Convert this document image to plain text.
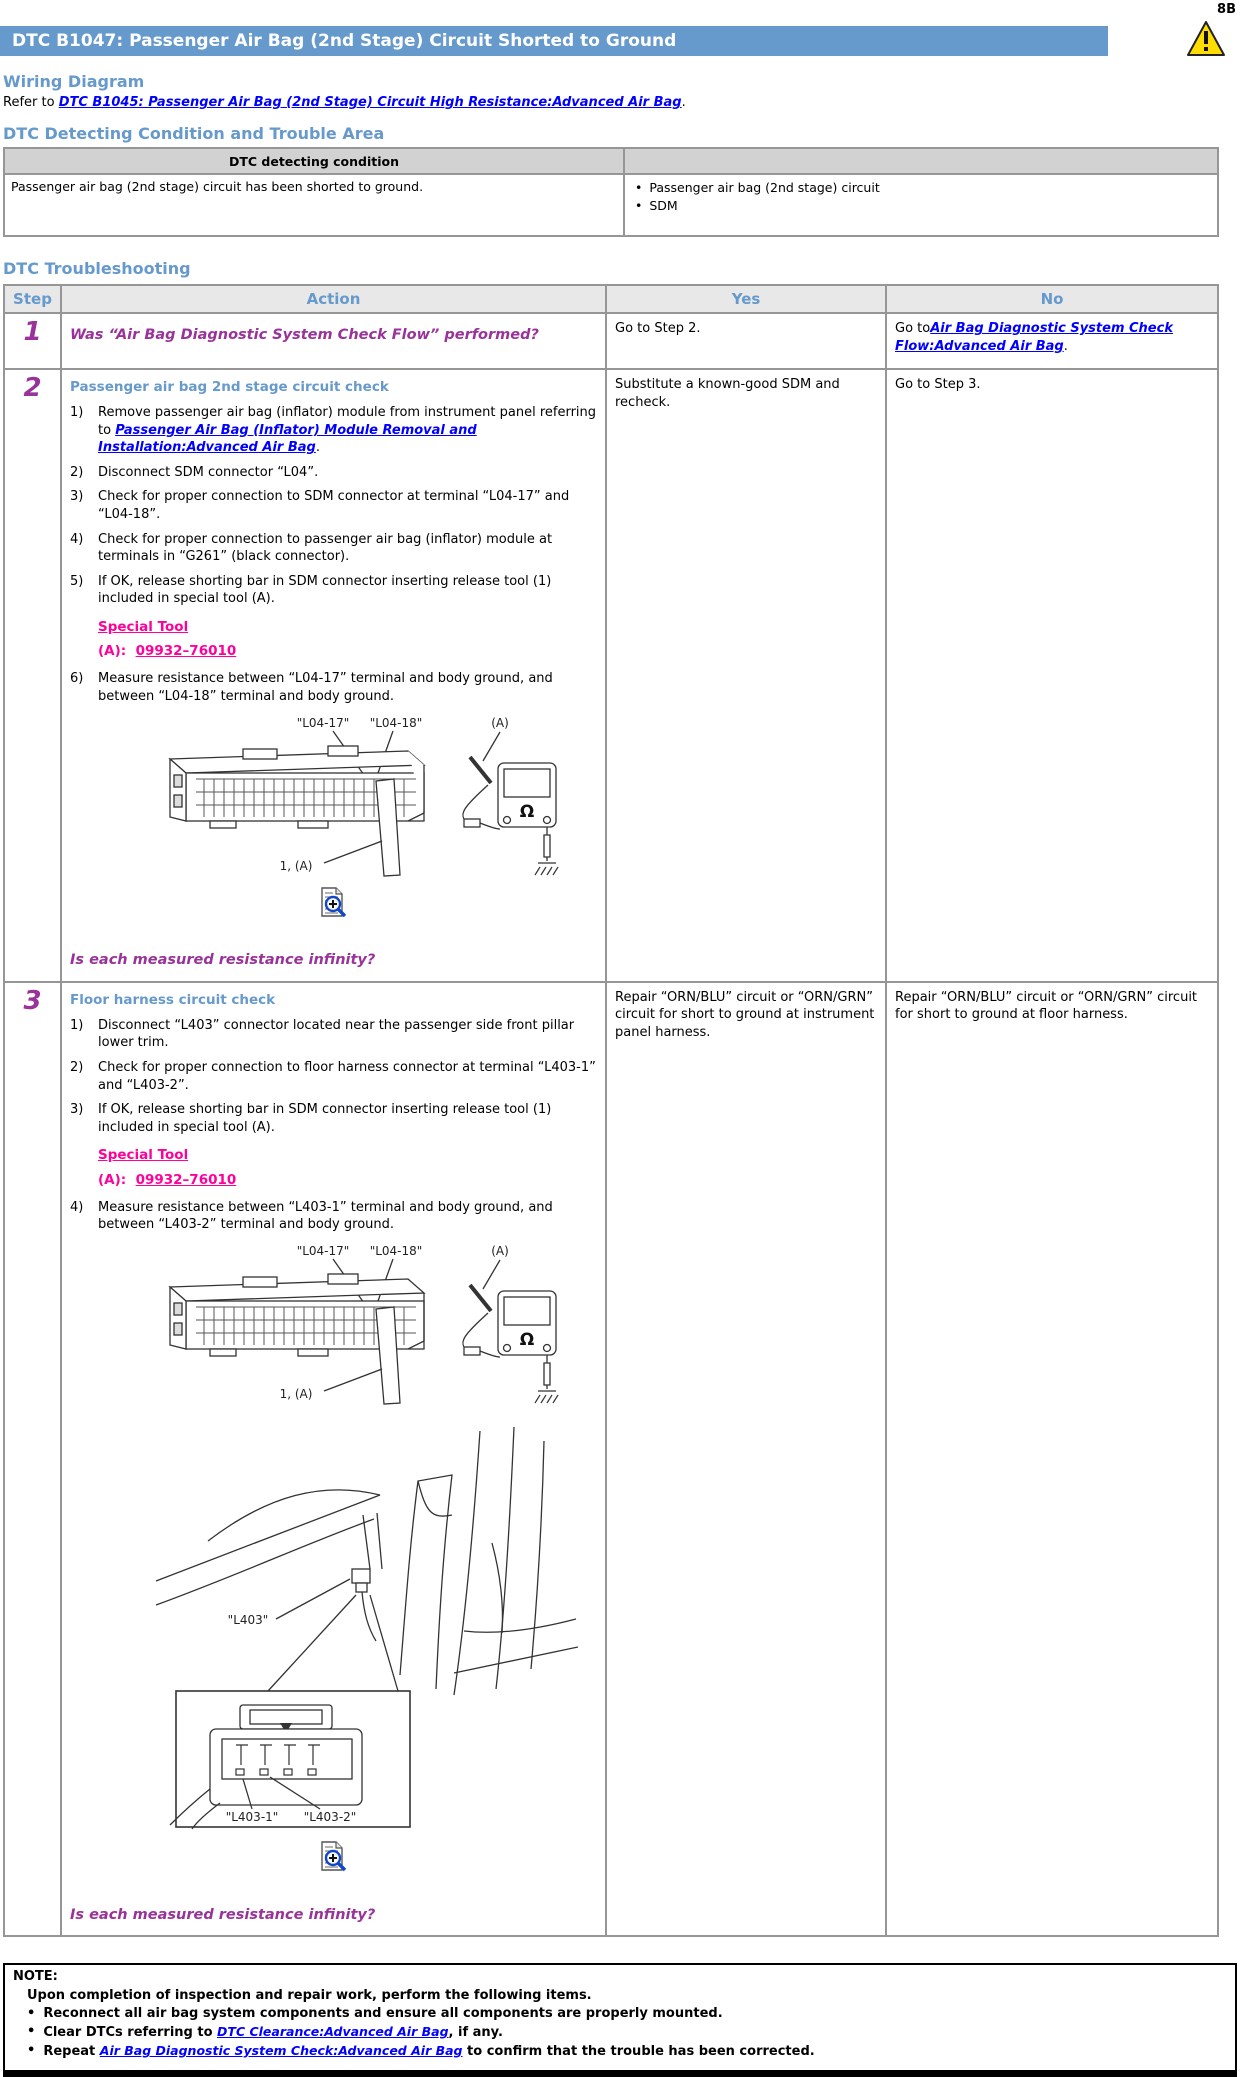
8B
DTC B1047: Passenger Air Bag (2nd Stage) Circuit Shorted to Ground
Wiring Diagram
Refer to DTC B1045: Passenger Air Bag (2nd Stage) Circuit High Resistance:Advanced Air Bag.
DTC Detecting Condition and Trouble Area
DTC detecting condition	
Passenger air bag (2nd stage) circuit has been shorted to ground.	• Passenger air bag (2nd stage) circuit
• SDM
DTC Troubleshooting
Step	Action	Yes	No
1	Was “Air Bag Diagnostic System Check Flow” performed?	Go to Step 2.	Go toAir Bag Diagnostic System Check Flow:Advanced Air Bag.
2	Passenger air bag 2nd stage circuit check
1)	Remove passenger air bag (inflator) module from instrument panel referring to Passenger Air Bag (Inflator) Module Removal and Installation:Advanced Air Bag.
2)	Disconnect SDM connector “L04”.
3)	Check for proper connection to SDM connector at terminal “L04-17” and “L04-18”.
4)	Check for proper connection to passenger air bag (inflator) module at terminals in “G261” (black connector).
5)	If OK, release shorting bar in SDM connector inserting release tool (1) included in special tool (A).
Special Tool
(A): 09932–76010
6)	Measure resistance between “L04-17” terminal and body ground, and between “L04-18” terminal and body ground.
"L04-17" "L04-18"
1, (A)
(A)
Ω
Is each measured resistance infinity?
	Substitute a known-good SDM and recheck.	Go to Step 3.
3	Floor harness circuit check
1)	Disconnect “L403” connector located near the passenger side front pillar lower trim.
2)	Check for proper connection to floor harness connector at terminal “L403-1” and “L403-2”.
3)	If OK, release shorting bar in SDM connector inserting release tool (1) included in special tool (A).
Special Tool
(A): 09932–76010
4)	Measure resistance between “L403-1” terminal and body ground, and between “L403-2” terminal and body ground.
"L04-17" "L04-18"
1, (A)
(A)
Ω
"L403"
"L403-1" "L403-2"
Is each measured resistance infinity?
	Repair “ORN/BLU” circuit or “ORN/GRN” circuit for short to ground at instrument panel harness.	Repair “ORN/BLU” circuit or “ORN/GRN” circuit for short to ground at floor harness.
NOTE:
Upon completion of inspection and repair work, perform the following items.
• Reconnect all air bag system components and ensure all components are properly mounted.
• Clear DTCs referring to DTC Clearance:Advanced Air Bag, if any.
• Repeat Air Bag Diagnostic System Check:Advanced Air Bag to confirm that the trouble has been corrected.
